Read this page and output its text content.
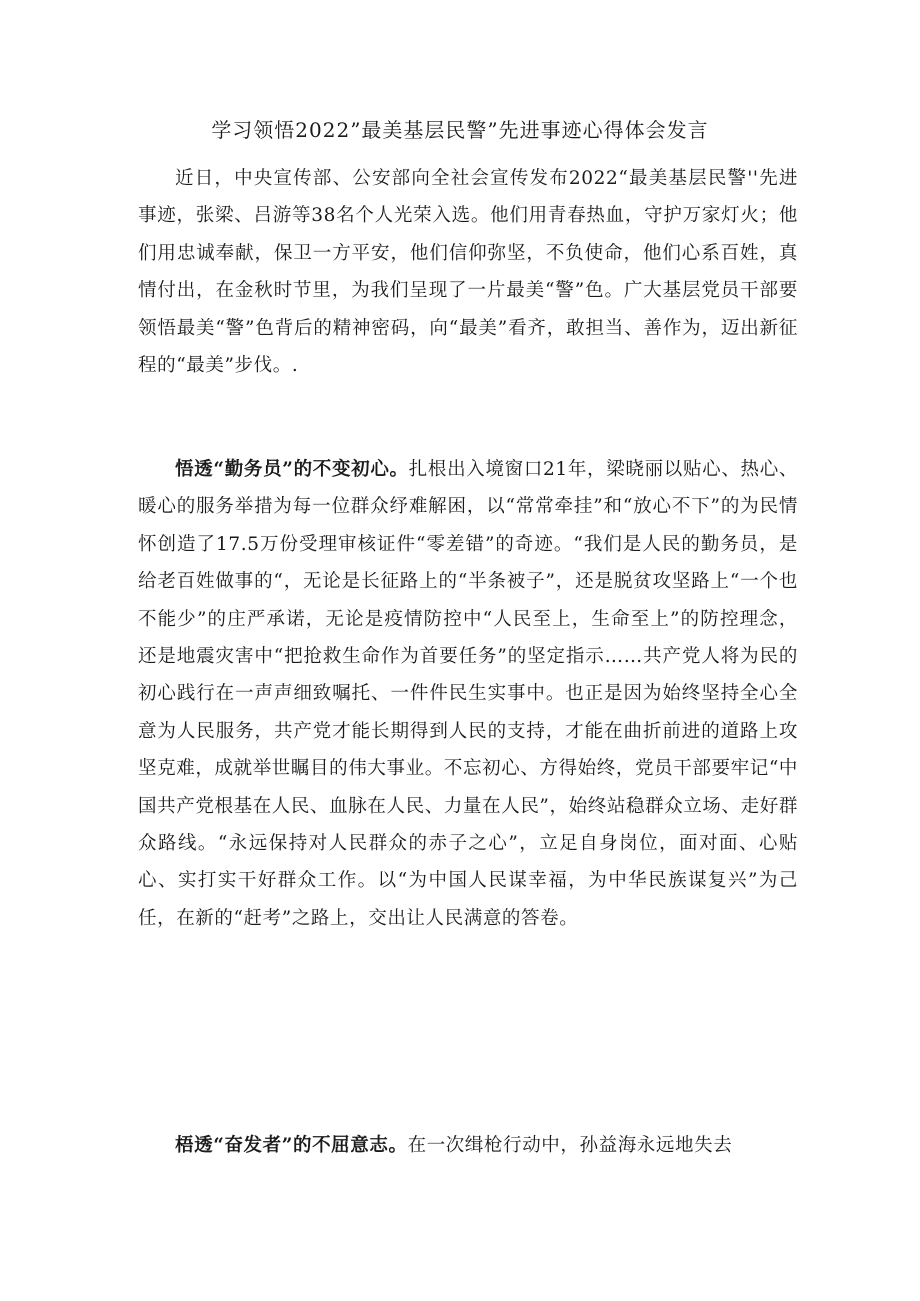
学习领悟2022”最美基层民警”先进事迹心得体会发言

近日，中央宣传部、公安部向全社会宣传发布2022“最美基层民警''先进事迹，张梁、吕游等38名个人光荣入选。他们用青春热血，守护万家灯火；他们用忠诚奉献，保卫一方平安，他们信仰弥坚，不负使命，他们心系百姓，真情付出，在金秋时节里，为我们呈现了一片最美“警”色。广大基层党员干部要领悟最美“警”色背后的精神密码，向“最美”看齐，敢担当、善作为，迈出新征程的“最美”步伐。.

悟透“勤务员”的不变初心。扎根出入境窗口21年，梁晓丽以贴心、热心、暖心的服务举措为每一位群众纾难解困，以“常常牵挂”和“放心不下”的为民情怀创造了17.5万份受理审核证件“零差错”的奇迹。“我们是人民的勤务员，是给老百姓做事的“，无论是长征路上的“半条被子”，还是脱贫攻坚路上“一个也不能少”的庄严承诺，无论是疫情防控中“人民至上，生命至上”的防控理念，还是地震灾害中“把抢救生命作为首要任务”的坚定指示……共产党人将为民的初心践行在一声声细致嘱托、一件件民生实事中。也正是因为始终坚持全心全意为人民服务，共产党才能长期得到人民的支持，才能在曲折前进的道路上攻坚克难，成就举世瞩目的伟大事业。不忘初心、方得始终，党员干部要牢记“中国共产党根基在人民、血脉在人民、力量在人民”，始终站稳群众立场、走好群众路线。“永远保持对人民群众的赤子之心”，立足自身岗位，面对面、心贴心、实打实干好群众工作。以“为中国人民谋幸福，为中华民族谋复兴”为己任，在新的“赶考”之路上，交出让人民满意的答卷。

梧透“奋发者”的不屈意志。在一次缉枪行动中，孙益海永远地失去
